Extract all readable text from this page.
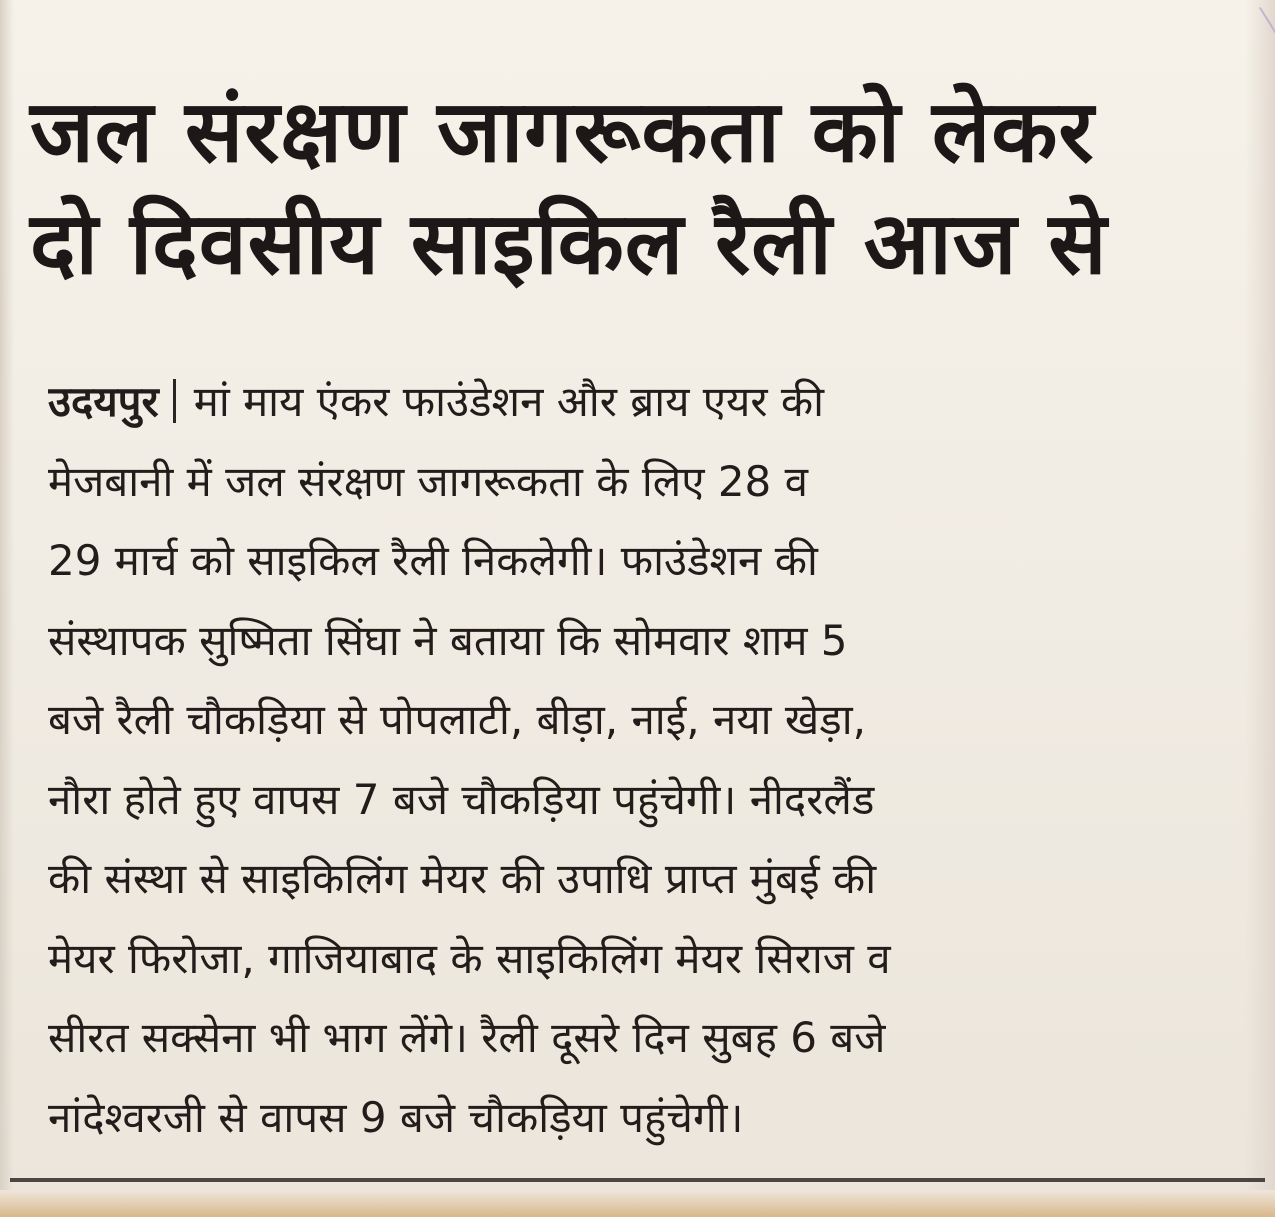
जल संरक्षण जागरूकता को लेकर
दो दिवसीय साइकिल रैली आज से
उदयपुर मां माय एंकर फाउंडेशन और ब्राय एयर की
मेजबानी में जल संरक्षण जागरूकता के लिए 28 व
29 मार्च को साइकिल रैली निकलेगी। फाउंडेशन की
संस्थापक सुष्मिता सिंघा ने बताया कि सोमवार शाम 5
बजे रैली चौकड़िया से पोपलाटी, बीड़ा, नाई, नया खेड़ा,
नौरा होते हुए वापस 7 बजे चौकड़िया पहुंचेगी। नीदरलैंड
की संस्था से साइकिलिंग मेयर की उपाधि प्राप्त मुंबई की
मेयर फिरोजा, गाजियाबाद के साइकिलिंग मेयर सिराज व
सीरत सक्सेना भी भाग लेंगे। रैली दूसरे दिन सुबह 6 बजे
नांदेश्वरजी से वापस 9 बजे चौकड़िया पहुंचेगी।
